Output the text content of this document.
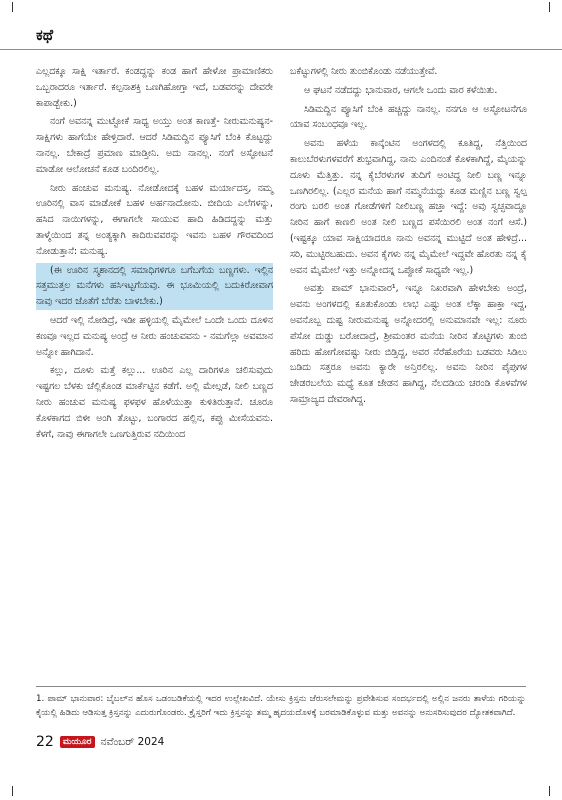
ಕಥೆ

ಎಲ್ಲದಕ್ಕೂ ಸಾಕ್ಷಿ ಇರ್ತಾರೆ. ಕಂಡದ್ದನ್ನು ಕಂಡ ಹಾಗೆ ಹೇಳೋ ಪ್ರಾಮಾಣಿಕರು ಒಬ್ಬರಾದರೂ ಇರ್ತಾರೆ. ಕಲ್ಪನಾಶಕ್ತಿ ಒಣಗಿಹೋಗ್ತಾ ಇದೆ, ಬಡವರನ್ನು ದೇವರೇ ಕಾಪಾಡ್ಬೇಕು.)

ನಂಗೆ ಅವನನ್ನ ಮುಟ್ಟೋಕೆ ಸಾಧ್ಯ ಅಯ್ತು ಅಂತ ಕಾಣತ್ತೆ- ನೀರುಮನುಷ್ಯನ- ಸಾಕ್ಷಿಗಳು ಹಾಗೆಯೇ ಹೇಳ್ತಿದಾರೆ. ಆದರೆ ಸಿಡಿಮದ್ದಿನ ಪ್ಯೂಸಿಗೆ ಬೆಂಕಿ ಕೊಟ್ಟದ್ದು ನಾನಲ್ಲ. ಬೇಕಾದ್ರೆ ಪ್ರಮಾಣ ಮಾಡ್ತೀನಿ. ಅದು ನಾನಲ್ಲ. ನಂಗೆ ಅಸ್ಫೋಟನೆ ಮಾಡೋ ಆಲೋಚನೆ ಕೂಡ ಬಂದಿರಲಿಲ್ಲ.

ನೀರು ಹಂಚುವ ಮನುಷ್ಯ. ನೋಡೋದಕ್ಕೆ ಬಹಳ ಮರ್ಯಾದಸ್ತ, ನಮ್ಮ ಊರಿನಲ್ಲಿ ವಾಸ ಮಾಡೋಕೆ ಬಹಳ ಅರ್ಹನಾದೋನು. ಬೀದಿಯ ಎಲೆಗಳನ್ನು, ಹಸಿದ ನಾಯಿಗಳನ್ನು, ಈಗಾಗಲೇ ಸಾಯುವ ಹಾದಿ ಹಿಡಿದದ್ದನ್ನು ಮತ್ತು ತಾಳ್ಮೆಯಿಂದ ತನ್ನ ಅಂತ್ಯಕ್ಕಾಗಿ ಕಾದಿರುವವರನ್ನು ಇವನು ಬಹಳ ಗೌರವದಿಂದ ನೋಡುತ್ತಾನೆ: ಮನುಷ್ಯ.

(ಈ ಊರಿನ ಸ್ಮಶಾನದಲ್ಲಿ ಸಮಾಧಿಗಳಿಗೂ ಬಗೆಬಗೆಯ ಬಣ್ಣಗಳು. ಇಲ್ಲಿನ ಸತ್ತಮುತ್ತಲ ಮನೆಗಳು ಹಸಿಇಟ್ಟಗೆಯವು. ಈ ಭೂಮಿಯಲ್ಲಿ ಬದುಕಿರೋವಾಗ ನಾವು ಇದರ ಜೊತೆಗೆ ಬೆರೆತು ಬಾಳಬೇಕು.)

ಆದರೆ ಇಲ್ಲಿ ನೋಡಿದ್ರೆ, ಇಡೀ ಹಳ್ಳಿಯಲ್ಲಿ ಮೈಮೇಲೆ ಒಂದೇ ಒಂದು ದೂಳಿನ ಕಣವೂ ಇಲ್ಲದ ಮನುಷ್ಯ ಅಂದ್ರೆ ಆ ನೀರು ಹಂಚುವವನು - ನಮಗೆಲ್ಲಾ ಅವಮಾನ ಅನ್ನೋ ಹಾಗಿದಾನೆ.

ಕಲ್ಲು, ದೂಳು ಮತ್ತೆ ಕಲ್ಲು... ಊರಿನ ಎಲ್ಲ ದಾರಿಗಳೂ ಚಲಿಸುವುದು ಇಷ್ಟಗಲ ಬೆಳಕು ಚೆಲ್ಲಿಕೊಂಡ ಮಾರ್ಕೆಟ್ಟಿನ ಕಡೆಗೆ. ಅಲ್ಲಿ ಮೇಲ್ಗಡೆ, ನೀಲಿ ಬಣ್ಣದ ನೀರು ಹಂಚುವ ಮನುಷ್ಯ ಫಳಫಳ ಹೊಳೆಯುತ್ತಾ ಕುಳಿತಿರುತ್ತಾನೆ. ಚೂರೂ ಕೊಳಕಾಗದ ಬಿಳೀ ಅಂಗಿ ತೊಟ್ಟು, ಬಂಗಾರದ ಹಲ್ಲಿನ, ಕಪ್ಪು ಮೀಸೆಯವನು. ಕೆಳಗೆ, ನಾವು ಈಗಾಗಲೇ ಒಣಗುತ್ತಿರುವ ನದಿಯಿಂದ

ಬಕೆಟ್ಟುಗಳಲ್ಲಿ ನೀರು ತುಂಬಿಕೊಂಡು ನಡೆಯುತ್ತೇವೆ.

ಆ ಘಟನೆ ನಡೆದದ್ದು ಭಾನುವಾರ, ಆಗಲೇ ಒಂದು ವಾರ ಕಳೆಯಿತು.

ಸಿಡಿಮದ್ದಿನ ಪ್ಯೂಸಿಗೆ ಬೆಂಕಿ ಹಚ್ಚಿದ್ದು ನಾನಲ್ಲ. ನನಗೂ ಆ ಅಸ್ಫೋಟನೆಗೂ ಯಾವ ಸಂಬಂಧವೂ ಇಲ್ಲ.

ಅವನು ಹಳೆಯ ಕಾನ್ಕೆಂಟಿನ ಅಂಗಳದಲ್ಲಿ ಕೂತಿದ್ದ, ನೆತ್ತಿಯಿಂದ ಕಾಲುಬೆರಳುಗಳವರೆಗೆ ಶುಭ್ರವಾಗಿದ್ದ, ನಾನು ಎಂದಿನಂತೆ ಕೊಳಕಾಗಿದ್ದೆ, ಮೈಯನ್ನು ದೂಳು ಮೆತ್ತಿತ್ತು. ನನ್ನ ಕೈಬೆರಳುಗಳ ತುದಿಗೆ ಅಂಟಿದ್ದ ನೀಲಿ ಬಣ್ಣ ಇನ್ನೂ ಒಣಗಿರಲಿಲ್ಲ. (ಎಲ್ಲರ ಮನೆಯ ಹಾಗೆ ನಮ್ಮನೆಯದ್ದು ಕೂಡ ಮಣ್ಣಿನ ಬಣ್ಣ ಸ್ವಲ್ಪ ರಂಗು ಬರಲಿ ಅಂತ ಗೋಡೆಗಳಿಗೆ ನೀಲಿಬಣ್ಣ ಹಚ್ತಾ ಇದ್ದೆ: ಅವು ಸ್ವಚ್ಛವಾದ್ದೂ ನೀರಿನ ಹಾಗೆ ಕಾಣಲಿ ಅಂತ ನೀಲಿ ಬಣ್ಣದ ಪಸೆಯಿರಲಿ ಅಂತ ನಂಗೆ ಆಸೆ.) (ಇಷ್ಟಕ್ಕೂ ಯಾವ ಸಾಕ್ಷಿಯಾದರೂ ನಾನು ಅವನನ್ನ ಮುಟ್ಟಿದೆ ಅಂತ ಹೇಳಿದ್ರೆ... ಸರಿ, ಮುಟ್ಟಿರಬಹುದು. ಅವನ ಕೈಗಳು ನನ್ನ ಮೈಮೇಲೆ ಇದ್ದವೇ ಹೊರತು ನನ್ನ ಕೈ ಅವನ ಮೈಮೇಲೆ ಇತ್ತು ಅನ್ನೋದನ್ನ ಒಪ್ಪೋಕೆ ಸಾಧ್ಯವೇ ಇಲ್ಲ.)

ಅವತ್ತು ಪಾಮ್ ಭಾನುವಾರ¹, ಇನ್ನೂ ನಿಖರವಾಗಿ ಹೇಳಬೇಕು ಅಂದ್ರೆ, ಅವನು ಅಂಗಳದಲ್ಲಿ ಕೂತುಕೊಂಡು ಲಾಭ ಎಷ್ಟು ಅಂತ ಲೆಕ್ಕಾ ಹಾಕ್ತಾ ಇದ್ದ, ಅವನೊಬ್ಬ ದುಷ್ಟ ನೀರುಮನುಷ್ಯ ಅನ್ನೋದರಲ್ಲಿ ಅನುಮಾನವೇ ಇಲ್ಲ: ನೂರು ಪೆಸೋ ದುಡ್ಡು ಬರೋದಾದ್ರೆ, ಶ್ರೀಮಂತರ ಮನೆಯ ನೀರಿನ ತೊಟ್ಟಿಗಳು ತುಂಬಿ ಹರಿದು ಹೋಗೋವಷ್ಟು ನೀರು ಬಿಡ್ತಿದ್ದ, ಅವರ ನೆರೆಹೊರೆಯ ಬಡವರು ಸಿಡಿಲು ಬಡಿದು ಸತ್ತರೂ ಅವನು ಕ್ಯಾರೇ ಅನ್ತಿರಲಿಲ್ಲ. ಅವನು ನೀರಿನ ಪೈಪುಗಳ ಜೇಡರಬಲೆಯ ಮಧ್ಯೆ ಕೂತ ಜೇಡನ ಹಾಗಿದ್ದ, ನೆಲದಡಿಯ ಚರಂಡಿ ಕೊಳವೆಗಳ ಸಾಮ್ರಾಜ್ಯದ ದೇವರಾಗಿದ್ದ.

1. ಪಾಮ್ ಭಾನುವಾರ: ಬೈಬಲ್‌ನ ಹೊಸ ಒಡಂಬಡಿಕೆಯಲ್ಲಿ ಇದರ ಉಲ್ಲೇಖವಿದೆ. ಯೇಸು ಕ್ರಿಸ್ತನು ಜೆರುಸಲೇಮನ್ನು ಪ್ರವೇಶಿಸುವ ಸಂದರ್ಭದಲ್ಲಿ ಅಲ್ಲಿನ ಜನರು ತಾಳೆಯ ಗರಿಯನ್ನು ಕೈಯಲ್ಲಿ ಹಿಡಿದು ಆಡಿಸುತ್ತ ಕ್ರಿಸ್ತನನ್ನು ಎದುರುಗೊಂಡರು. ಕ್ರೈಸ್ತರಿಗೆ ಇದು ಕ್ರಿಸ್ತನನ್ನು ತಮ್ಮ ಹೃದಯದೊಳಕ್ಕೆ ಬರಮಾಡಿಕೊಳ್ಳುವ ಮತ್ತು ಅವನನ್ನು ಅನುಸರಿಸುವುದರ ದ್ಯೋತಕವಾಗಿದೆ.

22	ಮಯೂರ ನವೆಂಬರ್ 2024
